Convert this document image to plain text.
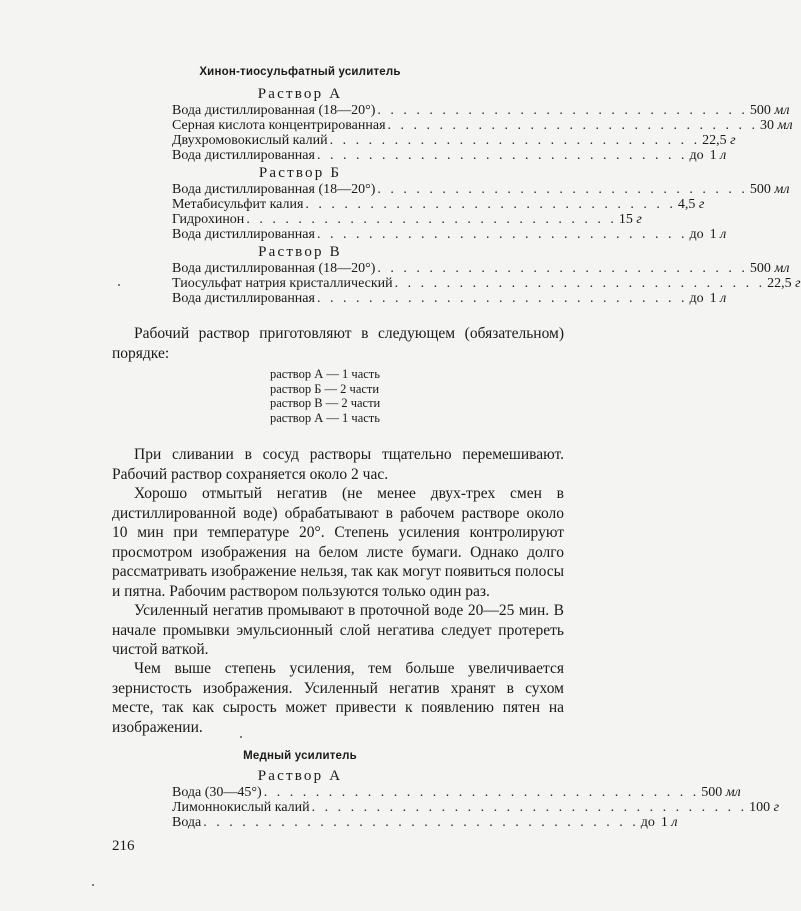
Хинон-тиосульфатный усилитель
Раствор А
Вода дистиллированная (18—20°) . . . . . . . . . . . . . . . . . . . . . . . . . . . . . 500 мл
Серная кислота концентрированная . . . . . . . . . . . . . . . . . . . . . . . . . . . . . 30 мл
Двухромовокислый калий . . . . . . . . . . . . . . . . . . . . . . . . . . . . . 22,5 г
Вода дистиллированная . . . . . . . . . . . . . . . . . . . . . . . . . . . . . до 1 л
Раствор Б
Вода дистиллированная (18—20°) . . . . . . . . . . . . . . . . . . . . . . . . . . . . . 500 мл
Метабисульфит калия . . . . . . . . . . . . . . . . . . . . . . . . . . . . . 4,5 г
Гидрохинон . . . . . . . . . . . . . . . . . . . . . . . . . . . . . 15 г
Вода дистиллированная . . . . . . . . . . . . . . . . . . . . . . . . . . . . . до 1 л
Раствор В
Вода дистиллированная (18—20°) . . . . . . . . . . . . . . . . . . . . . . . . . . . . . 500 мл
Тиосульфат натрия кристаллический . . . . . . . . . . . . . . . . . . . . . . . . . . . . . 22,5 г
Вода дистиллированная . . . . . . . . . . . . . . . . . . . . . . . . . . . . . до 1 л
Рабочий раствор приготовляют в следующем (обязательном) порядке:
раствор А — 1 часть
раствор Б — 2 части
раствор В — 2 части
раствор А — 1 часть
При сливании в сосуд растворы тщательно перемешивают. Рабочий раствор сохраняется около 2 час.
Хорошо отмытый негатив (не менее двух-трех смен в дистиллированной воде) обрабатывают в рабочем растворе около 10 мин при температуре 20°. Степень усиления контролируют просмотром изображения на белом листе бумаги. Однако долго рассматривать изображение нельзя, так как могут появиться полосы и пятна. Рабочим раствором пользуются только один раз.
Усиленный негатив промывают в проточной воде 20—25 мин. В начале промывки эмульсионный слой негатива следует протереть чистой ваткой.
Чем выше степень усиления, тем больше увеличивается зернистость изображения. Усиленный негатив хранят в сухом месте, так как сырость может привести к появлению пятен на изображении.
Медный усилитель
Раствор А
Вода (30—45°) . . . . . . . . . . . . . . . . . . . . . . . . . . . . . . . . . . 500 мл
Лимоннокислый калий . . . . . . . . . . . . . . . . . . . . . . . . . . . . . . . . . . 100 г
Вода . . . . . . . . . . . . . . . . . . . . . . . . . . . . . . . . . . до 1 л
216
